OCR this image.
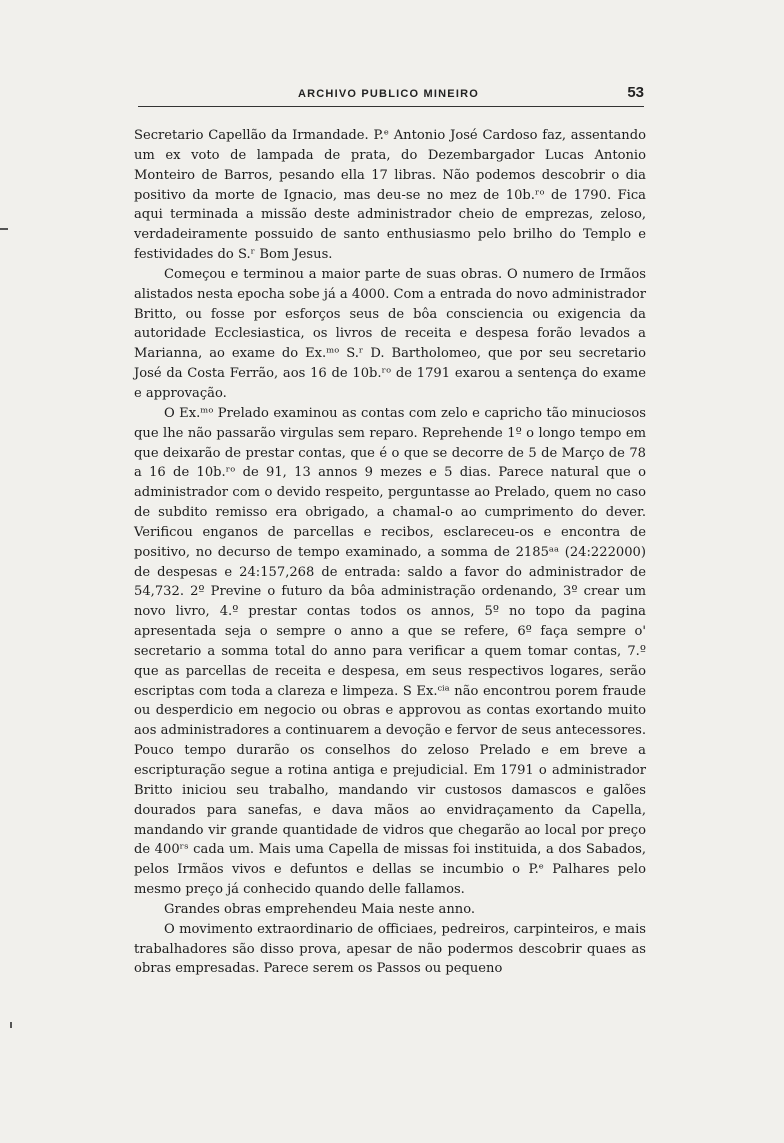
ARCHIVO PUBLICO MINEIRO	53

Secretario Capellão da Irmandade. P.ᵉ Antonio José Cardoso faz, assentando um ex voto de lampada de prata, do Dezembargador Lucas Antonio Monteiro de Barros, pesando ella 17 libras. Não podemos descobrir o dia positivo da morte de Ignacio, mas deu-se no mez de 10b.ʳᵒ de 1790. Fica aqui terminada a missão deste administrador cheio de emprezas, zeloso, verdadeiramente possuido de santo enthusiasmo pelo brilho do Templo e festividades do S.ʳ Bom Jesus.

Começou e terminou a maior parte de suas obras. O numero de Irmãos alistados nesta epocha sobe já a 4000. Com a entrada do novo administrador Britto, ou fosse por esforços seus de bôa consciencia ou exigencia da autoridade Ecclesiastica, os livros de receita e despesa forão levados a Marianna, ao exame do Ex.ᵐᵒ S.ʳ D. Bartholomeo, que por seu secretario José da Costa Ferrão, aos 16 de 10b.ʳᵒ de 1791 exarou a sentença do exame e approvação.

O Ex.ᵐᵒ Prelado examinou as contas com zelo e capricho tão minuciosos que lhe não passarão virgulas sem reparo. Reprehende 1º o longo tempo em que deixarão de prestar contas, que é o que se decorre de 5 de Março de 78 a 16 de 10b.ʳᵒ de 91, 13 annos 9 mezes e 5 dias. Parece natural que o administrador com o devido respeito, perguntasse ao Prelado, quem no caso de subdito remisso era obrigado, a chamal-o ao cumprimento do dever. Verificou enganos de parcellas e recibos, esclareceu-os e encontra de positivo, no decurso de tempo examinado, a somma de 2185ᵃᵃ (24:222000) de despesas e 24:157,268 de entrada: saldo a favor do administrador de 54,732. 2º Previne o futuro da bôa administração ordenando, 3º crear um novo livro, 4.º prestar contas todos os annos, 5º no topo da pagina apresentada seja o sempre o anno a que se refere, 6º faça sempre o' secretario a somma total do anno para verificar a quem tomar contas, 7.º que as parcellas de receita e despesa, em seus respectivos logares, serão escriptas com toda a clareza e limpeza. S Ex.ᶜⁱᵃ não encontrou porem fraude ou desperdicio em negocio ou obras e approvou as contas exortando muito aos administradores a continuarem a devoção e fervor de seus antecessores. Pouco tempo durarão os conselhos do zeloso Prelado e em breve a escripturação segue a rotina antiga e prejudicial. Em 1791 o administrador Britto iniciou seu trabalho, mandando vir custosos damascos e galões dourados para sanefas, e dava mãos ao envidraçamento da Capella, mandando vir grande quantidade de vidros que chegarão ao local por preço de 400ʳˢ cada um. Mais uma Capella de missas foi instituida, a dos Sabados, pelos Irmãos vivos e defuntos e dellas se incumbio o P.ᵉ Palhares pelo mesmo preço já conhecido quando delle fallamos.

Grandes obras emprehendeu Maia neste anno.

O movimento extraordinario de officiaes, pedreiros, carpinteiros, e mais trabalhadores são disso prova, apesar de não podermos descobrir quaes as obras empresadas. Parece serem os Passos ou pequeno
